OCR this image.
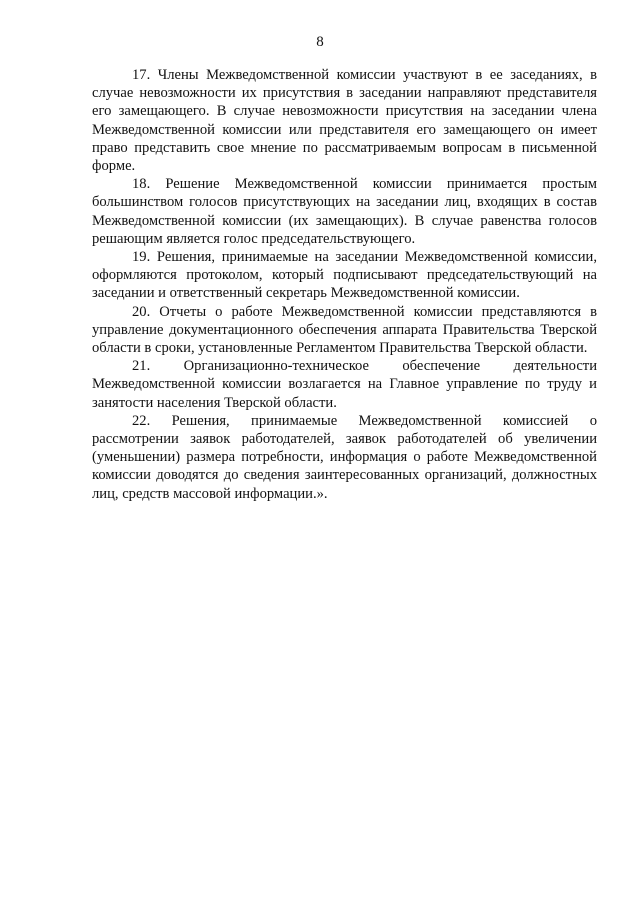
8

17. Члены Межведомственной комиссии участвуют в ее заседаниях, в случае невозможности их присутствия в заседании направляют представителя его замещающего. В случае невозможности присутствия на заседании члена Межведомственной комиссии или представителя его замещающего он имеет право представить свое мнение по рассматриваемым вопросам в письменной форме.

18. Решение Межведомственной комиссии принимается простым большинством голосов присутствующих на заседании лиц, входящих в состав Межведомственной комиссии (их замещающих). В случае равенства голосов решающим является голос председательствующего.

19. Решения, принимаемые на заседании Межведомственной комиссии, оформляются протоколом, который подписывают председательствующий на заседании и ответственный секретарь Межведомственной комиссии.

20. Отчеты о работе Межведомственной комиссии представляются в управление документационного обеспечения аппарата Правительства Тверской области в сроки, установленные Регламентом Правительства Тверской области.

21. Организационно-техническое обеспечение деятельности Межведомственной комиссии возлагается на Главное управление по труду и занятости населения Тверской области.

22. Решения, принимаемые Межведомственной комиссией о рассмотрении заявок работодателей, заявок работодателей об увеличении (уменьшении) размера потребности, информация о работе Межведомственной комиссии доводятся до сведения заинтересованных организаций, должностных лиц, средств массовой информации.».
